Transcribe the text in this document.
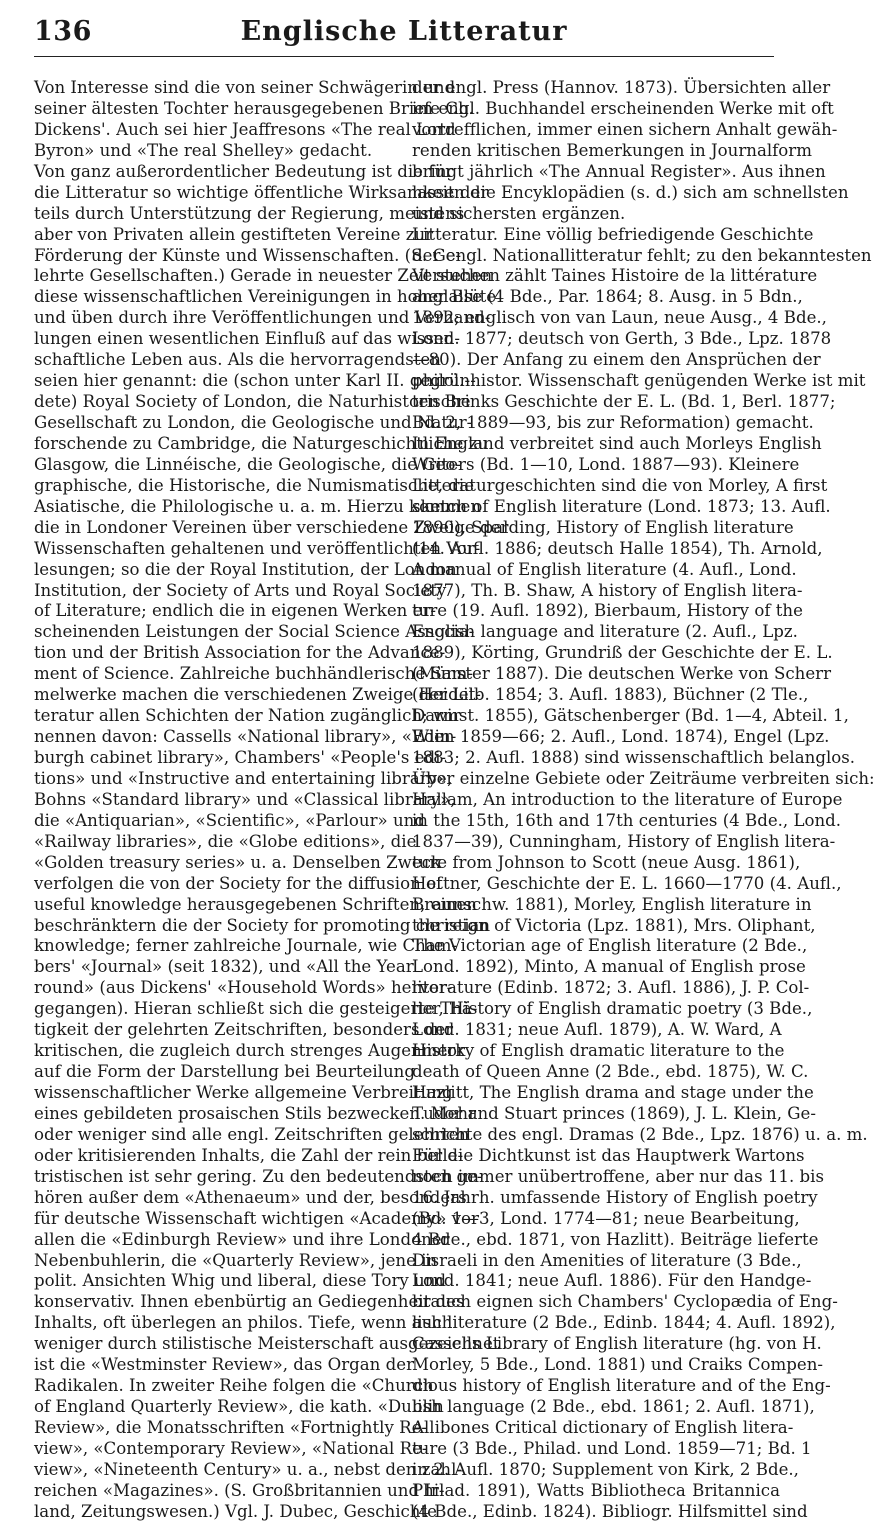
136	Englische Litteratur
Von Interesse sind die von seiner Schwägerin und
seiner ältesten Tochter herausgegebenen Briefe Ch.
Dickens'. Auch sei hier Jeaffresons «The real Lord
Byron» und «The real Shelley» gedacht.
Von ganz außerordentlicher Bedeutung ist die für
die Litteratur so wichtige öffentliche Wirksamkeit der
teils durch Unterstützung der Regierung, meistens
aber von Privaten allein gestifteten Vereine zur
Förderung der Künste und Wissenschaften. (S. Ge-
lehrte Gesellschaften.) Gerade in neuester Zeit stehen
diese wissenschaftlichen Vereinigungen in hoher Blüte
und üben durch ihre Veröffentlichungen und Verhand-
lungen einen wesentlichen Einfluß auf das wissen-
schaftliche Leben aus. Als die hervorragendsten
seien hier genannt: die (schon unter Karl II. gegrün-
dete) Royal Society of London, die Naturhistorische
Gesellschaft zu London, die Geologische und Natur-
forschende zu Cambridge, die Naturgeschichtliche zu
Glasgow, die Linnéische, die Geologische, die Geo-
graphische, die Historische, die Numismatische, die
Asiatische, die Philologische u. a. m. Hierzu kommen
die in Londoner Vereinen über verschiedene Zweige der
Wissenschaften gehaltenen und veröffentlichten Vor-
lesungen; so die der Royal Institution, der London
Institution, der Society of Arts und Royal Society
of Literature; endlich die in eigenen Werken er-
scheinenden Leistungen der Social Science Associa-
tion und der British Association for the Advance-
ment of Science. Zahlreiche buchhändlerische Sam-
melwerke machen die verschiedenen Zweige der Lit-
teratur allen Schichten der Nation zugänglich; wir
nennen davon: Cassells «National library», «Edin-
burgh cabinet library», Chambers' «People's edi-
tions» und «Instructive and entertaining library»,
Bohns «Standard library» und «Classical library»,
die «Antiquarian», «Scientific», «Parlour» und
«Railway libraries», die «Globe editions», die
«Golden treasury series» u. a. Denselben Zweck
verfolgen die von der Society for the diffusion of
useful knowledge herausgegebenen Schriften, einen
beschränktern die der Society for promoting christian
knowledge; ferner zahlreiche Journale, wie Cham-
bers' «Journal» (seit 1832), und «All the Year
round» (aus Dickens' «Household Words» hervor-
gegangen). Hieran schließt sich die gesteigerte Thä-
tigkeit der gelehrten Zeitschriften, besonders der
kritischen, die zugleich durch strenges Augenmerk
auf die Form der Darstellung bei Beurteilung
wissenschaftlicher Werke allgemeine Verbreitung
eines gebildeten prosaischen Stils bezwecken. Mehr
oder weniger sind alle engl. Zeitschriften gelehrten
oder kritisierenden Inhalts, die Zahl der rein belle-
tristischen ist sehr gering. Zu den bedeutendsten ge-
hören außer dem «Athenaeum» und der, besonders
für deutsche Wissenschaft wichtigen «Academy» vor
allen die «Edinburgh Review» und ihre Londoner
Nebenbuhlerin, die «Quarterly Review», jene in
polit. Ansichten Whig und liberal, diese Tory und
konservativ. Ihnen ebenbürtig an Gediegenheit des
Inhalts, oft überlegen an philos. Tiefe, wenn auch
weniger durch stilistische Meisterschaft ausgezeichnet
ist die «Westminster Review», das Organ der
Radikalen. In zweiter Reihe folgen die «Church
of England Quarterly Review», die kath. «Dublin
Review», die Monatsschriften «Fortnightly Re-
view», «Contemporary Review», «National Re-
view», «Nineteenth Century» u. a., nebst den zahl-
reichen «Magazines». (S. Großbritannien und Ir-
land, Zeitungswesen.) Vgl. J. Dubec, Geschichte
der engl. Press (Hannov. 1873). Übersichten aller
im engl. Buchhandel erscheinenden Werke mit oft
vortrefflichen, immer einen sichern Anhalt gewäh-
renden kritischen Bemerkungen in Journalform
bringt jährlich «The Annual Register». Aus ihnen
lassen die Encyklopädien (s. d.) sich am schnellsten
und sichersten ergänzen.
Litteratur. Eine völlig befriedigende Geschichte
der engl. Nationallitteratur fehlt; zu den bekanntesten
Versuchen zählt Taines Histoire de la littérature
anglaise (4 Bde., Par. 1864; 8. Ausg. in 5 Bdn.,
1892; englisch von van Laun, neue Ausg., 4 Bde.,
Lond. 1877; deutsch von Gerth, 3 Bde., Lpz. 1878
—80). Der Anfang zu einem den Ansprüchen der
philol.-histor. Wissenschaft genügenden Werke ist mit
ten Brinks Geschichte der E. L. (Bd. 1, Berl. 1877;
Bd. 2, 1889—93, bis zur Reformation) gemacht.
In England verbreitet sind auch Morleys English
Writers (Bd. 1—10, Lond. 1887—93). Kleinere
Litteraturgeschichten sind die von Morley, A first
sketch of English literature (Lond. 1873; 13. Aufl.
1890), Spalding, History of English literature
(14. Aufl. 1886; deutsch Halle 1854), Th. Arnold,
A manual of English literature (4. Aufl., Lond.
1877), Th. B. Shaw, A history of English litera-
ture (19. Aufl. 1892), Bierbaum, History of the
English language and literature (2. Aufl., Lpz.
1889), Körting, Grundriß der Geschichte der E. L.
(Münster 1887). Die deutschen Werke von Scherr
(Heidelb. 1854; 3. Aufl. 1883), Büchner (2 Tle.,
Darmst. 1855), Gätschenberger (Bd. 1—4, Abteil. 1,
Wien 1859—66; 2. Aufl., Lond. 1874), Engel (Lpz.
1883; 2. Aufl. 1888) sind wissenschaftlich belanglos.
Über einzelne Gebiete oder Zeiträume verbreiten sich:
Hallam, An introduction to the literature of Europe
in the 15th, 16th and 17th centuries (4 Bde., Lond.
1837—39), Cunningham, History of English litera-
ture from Johnson to Scott (neue Ausg. 1861),
Hettner, Geschichte der E. L. 1660—1770 (4. Aufl.,
Braunschw. 1881), Morley, English literature in
the reign of Victoria (Lpz. 1881), Mrs. Oliphant,
The Victorian age of English literature (2 Bde.,
Lond. 1892), Minto, A manual of English prose
literature (Edinb. 1872; 3. Aufl. 1886), J. P. Col-
lier, History of English dramatic poetry (3 Bde.,
Lond. 1831; neue Aufl. 1879), A. W. Ward, A
History of English dramatic literature to the
death of Queen Anne (2 Bde., ebd. 1875), W. C.
Hazlitt, The English drama and stage under the
Tudor and Stuart princes (1869), J. L. Klein, Ge-
schichte des engl. Dramas (2 Bde., Lpz. 1876) u. a. m.
Für die Dichtkunst ist das Hauptwerk Wartons
noch immer unübertroffene, aber nur das 11. bis
16. Jahrh. umfassende History of English poetry
(Bd. 1—3, Lond. 1774—81; neue Bearbeitung,
4 Bde., ebd. 1871, von Hazlitt). Beiträge lieferte
Disraeli in den Amenities of literature (3 Bde.,
Lond. 1841; neue Aufl. 1886). Für den Handge-
brauch eignen sich Chambers' Cyclopædia of Eng-
lish literature (2 Bde., Edinb. 1844; 4. Aufl. 1892),
Cassells Library of English literature (hg. von H.
Morley, 5 Bde., Lond. 1881) und Craiks Compen-
dious history of English literature and of the Eng-
lish language (2 Bde., ebd. 1861; 2. Aufl. 1871),
Allibones Critical dictionary of English litera-
ture (3 Bde., Philad. und Lond. 1859—71; Bd. 1
in 2. Aufl. 1870; Supplement von Kirk, 2 Bde.,
Philad. 1891), Watts Bibliotheca Britannica
(4 Bde., Edinb. 1824). Bibliogr. Hilfsmittel sind
